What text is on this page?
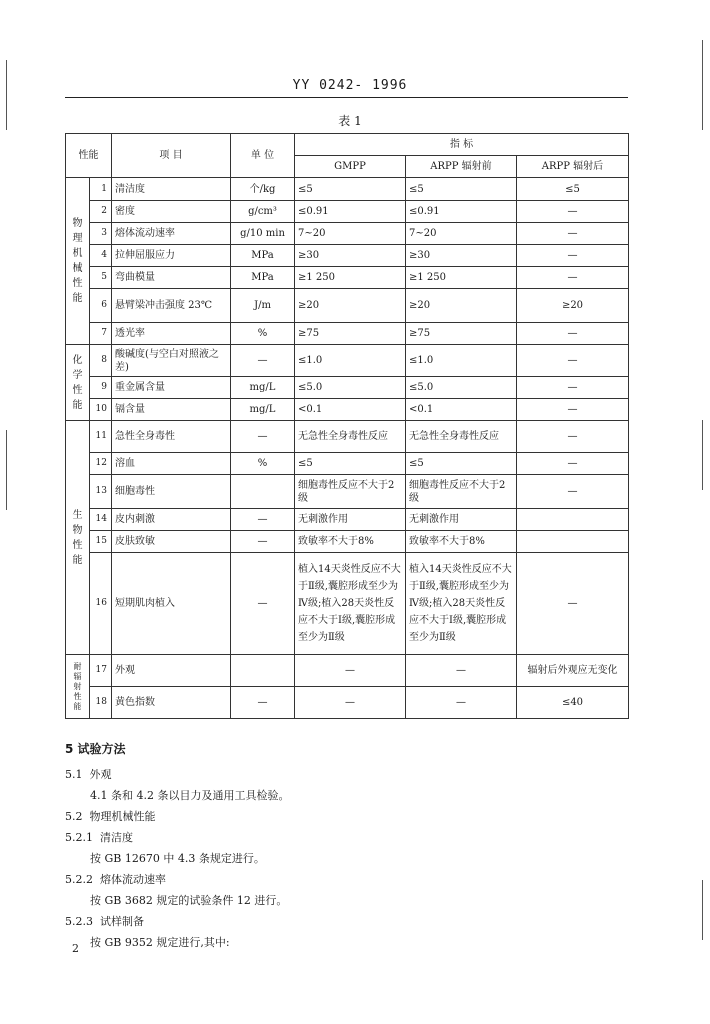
YY 0242- 1996
表 1
性能		项 目	单 位	指 标		
				GMPP	ARPP 辐射前	ARPP 辐射后
物理机械性能	1	清洁度	个/kg	≤5	≤5	≤5
	2	密度	g/cm³	≤0.91	≤0.91	—
	3	熔体流动速率	g/10 min	7~20	7~20	—
	4	拉伸屈服应力	MPa	≥30	≥30	—
	5	弯曲模量	MPa	≥1 250	≥1 250	—
	6	悬臂梁冲击强度 23℃	J/m	≥20	≥20	≥20
	7	透光率	%	≥75	≥75	—
化学性能	8	酸碱度(与空白对照液之差)	—	≤1.0	≤1.0	—
	9	重金属含量	mg/L	≤5.0	≤5.0	—
	10	镉含量	mg/L	<0.1	<0.1	—
生物性能	11	急性全身毒性	—	无急性全身毒性反应	无急性全身毒性反应	—
	12	溶血	%	≤5	≤5	—
	13	细胞毒性		细胞毒性反应不大于2级	细胞毒性反应不大于2级	—
	14	皮内刺激	—	无刺激作用	无刺激作用	
	15	皮肤致敏	—	致敏率不大于8%	致敏率不大于8%	
	16	短期肌肉植入	—	植入14天炎性反应不大于Ⅱ级,囊腔形成至少为Ⅳ级;植入28天炎性反应不大于Ⅰ级,囊腔形成至少为Ⅱ级	植入14天炎性反应不大于Ⅱ级,囊腔形成至少为Ⅳ级;植入28天炎性反应不大于Ⅰ级,囊腔形成至少为Ⅱ级	—
耐辐射性能	17	外观		—	—	辐射后外观应无变化
	18	黄色指数	—	—	—	≤40
5 试验方法
5.1 外观
4.1 条和 4.2 条以目力及通用工具检验。
5.2 物理机械性能
5.2.1 清洁度
按 GB 12670 中 4.3 条规定进行。
5.2.2 熔体流动速率
按 GB 3682 规定的试验条件 12 进行。
5.2.3 试样制备
按 GB 9352 规定进行,其中:
2
